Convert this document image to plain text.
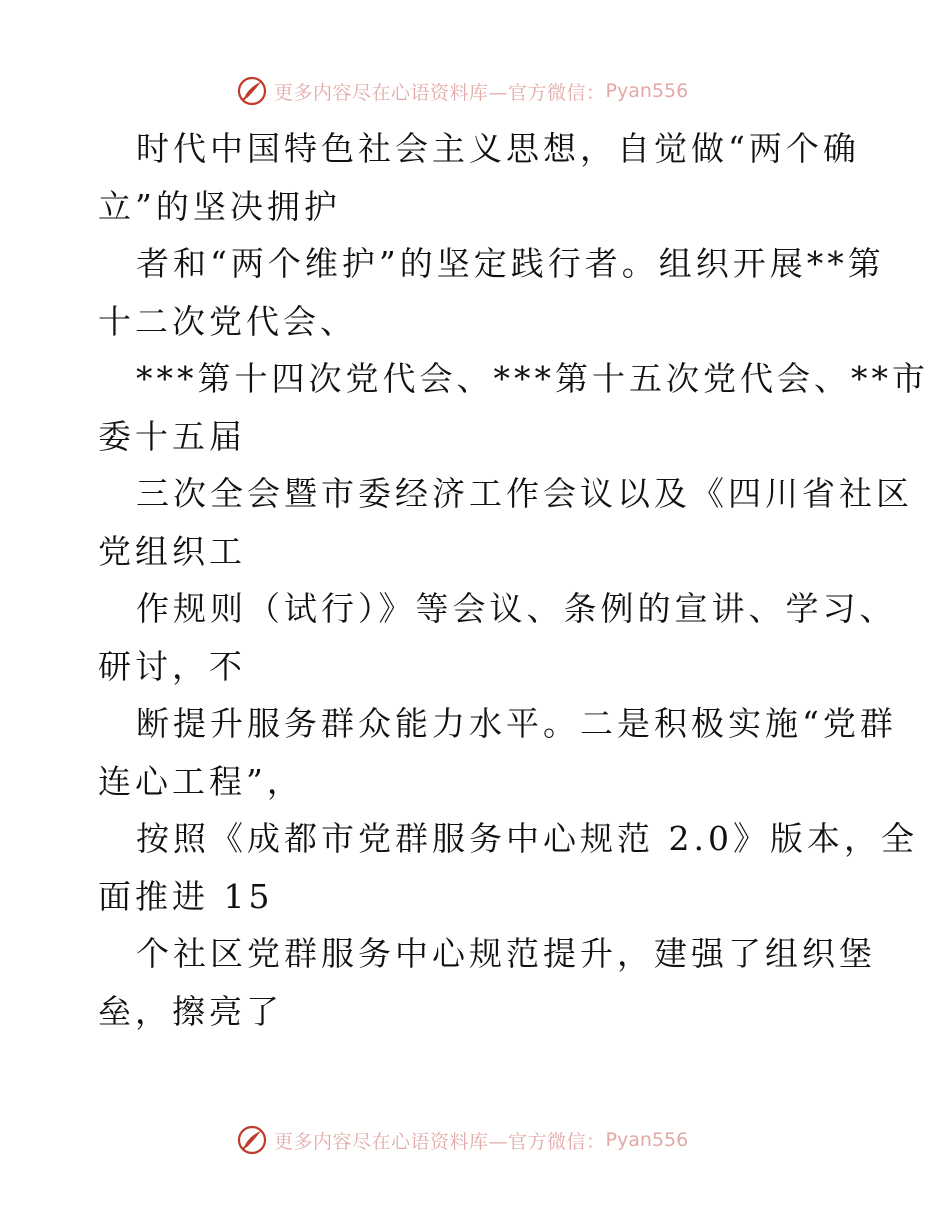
更多内容尽在心语资料库—官方微信： Pyan556
时代中国特色社会主义思想，自觉做“两个确
立”的坚决拥护
者和“两个维护”的坚定践行者。组织开展**第
十二次党代会、
***第十四次党代会、***第十五次党代会、**市
委十五届
三次全会暨市委经济工作会议以及《四川省社区
党组织工
作规则（试行）》等会议、条例的宣讲、学习、
研讨，不
断提升服务群众能力水平。二是积极实施“党群
连心工程”，
按照《成都市党群服务中心规范 2.0》版本，全
面推进 15
个社区党群服务中心规范提升，建强了组织堡
垒，擦亮了
更多内容尽在心语资料库—官方微信： Pyan556
